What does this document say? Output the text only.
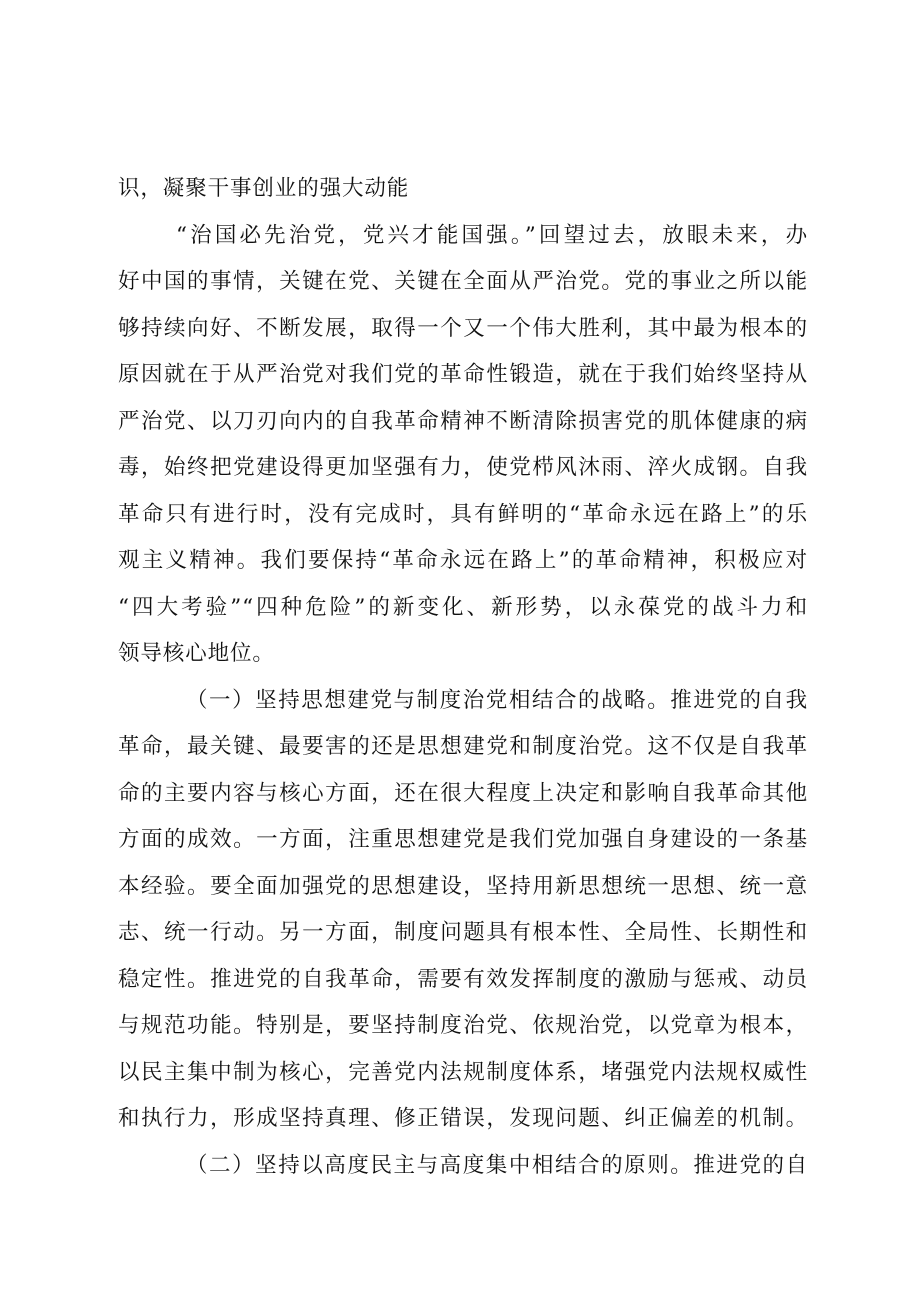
识，凝聚干事创业的强大动能
“治国必先治党，党兴才能国强。”回望过去，放眼未来，办
好中国的事情，关键在党、关键在全面从严治党。党的事业之所以能
够持续向好、不断发展，取得一个又一个伟大胜利，其中最为根本的
原因就在于从严治党对我们党的革命性锻造，就在于我们始终坚持从
严治党、以刀刃向内的自我革命精神不断清除损害党的肌体健康的病
毒，始终把党建设得更加坚强有力，使党栉风沐雨、淬火成钢。自我
革命只有进行时，没有完成时，具有鲜明的“革命永远在路上”的乐
观主义精神。我们要保持“革命永远在路上”的革命精神，积极应对
“四大考验”“四种危险”的新变化、新形势，以永葆党的战斗力和
领导核心地位。
（一）坚持思想建党与制度治党相结合的战略。推进党的自我
革命，最关键、最要害的还是思想建党和制度治党。这不仅是自我革
命的主要内容与核心方面，还在很大程度上决定和影响自我革命其他
方面的成效。一方面，注重思想建党是我们党加强自身建设的一条基
本经验。要全面加强党的思想建设，坚持用新思想统一思想、统一意
志、统一行动。另一方面，制度问题具有根本性、全局性、长期性和
稳定性。推进党的自我革命，需要有效发挥制度的激励与惩戒、动员
与规范功能。特别是，要坚持制度治党、依规治党，以党章为根本，
以民主集中制为核心，完善党内法规制度体系，堵强党内法规权威性
和执行力，形成坚持真理、修正错误，发现问题、纠正偏差的机制。
（二）坚持以高度民主与高度集中相结合的原则。推进党的自
